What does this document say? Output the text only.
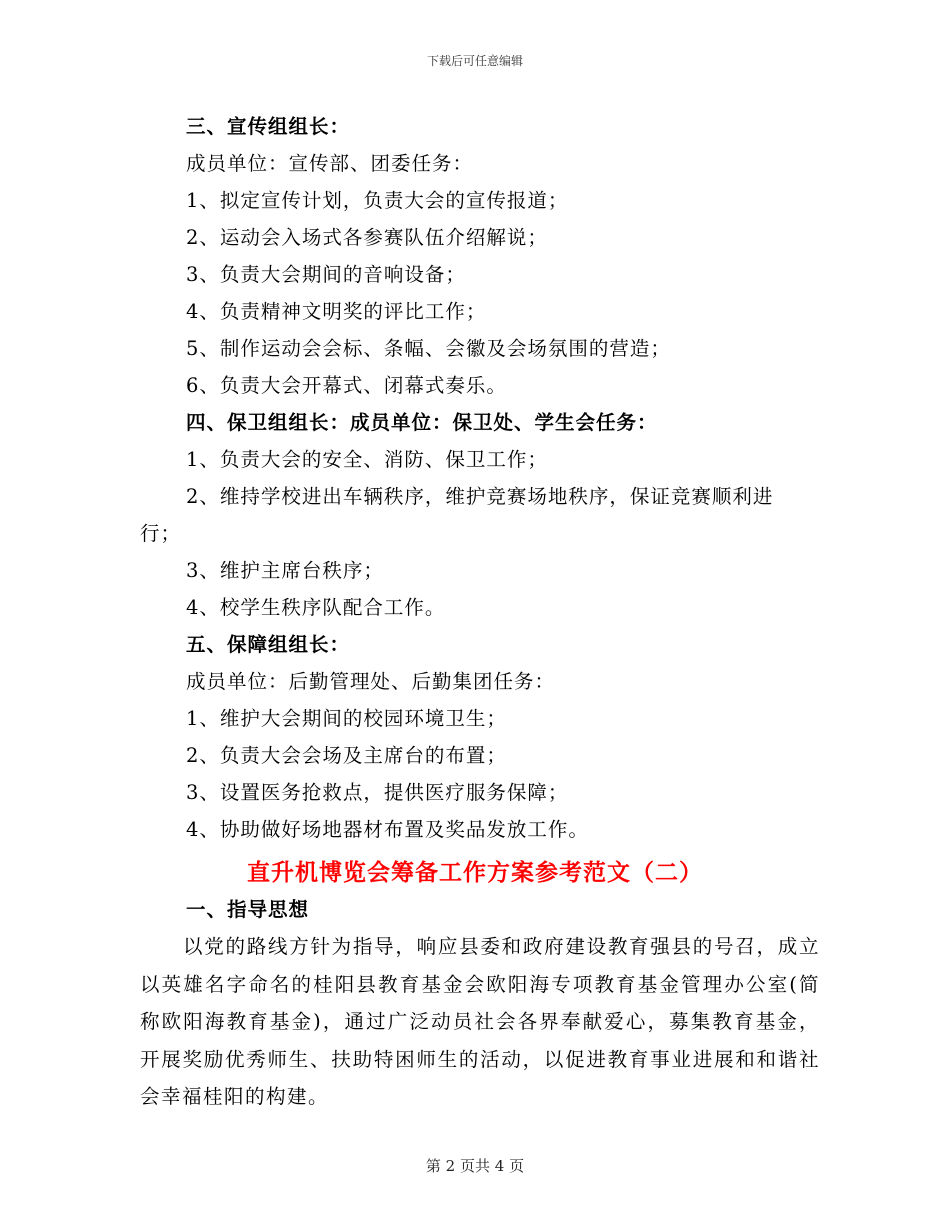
下载后可任意编辑
三、宣传组组长：
成员单位：宣传部、团委任务：
1、拟定宣传计划，负责大会的宣传报道；
2、运动会入场式各参赛队伍介绍解说；
3、负责大会期间的音响设备；
4、负责精神文明奖的评比工作；
5、制作运动会会标、条幅、会徽及会场氛围的营造；
6、负责大会开幕式、闭幕式奏乐。
四、保卫组组长：成员单位：保卫处、学生会任务：
1、负责大会的安全、消防、保卫工作；
2、维持学校进出车辆秩序，维护竞赛场地秩序，保证竞赛顺利进
行；
3、维护主席台秩序；
4、校学生秩序队配合工作。
五、保障组组长：
成员单位：后勤管理处、后勤集团任务：
1、维护大会期间的校园环境卫生；
2、负责大会会场及主席台的布置；
3、设置医务抢救点，提供医疗服务保障；
4、协助做好场地器材布置及奖品发放工作。
直升机博览会筹备工作方案参考范文（二）
一、指导思想
以党的路线方针为指导，响应县委和政府建设教育强县的号召，成立以英雄名字命名的桂阳县教育基金会欧阳海专项教育基金管理办公室(简称欧阳海教育基金)，通过广泛动员社会各界奉献爱心，募集教育基金，开展奖励优秀师生、扶助特困师生的活动，以促进教育事业进展和和谐社会幸福桂阳的构建。
第 2 页共 4 页
